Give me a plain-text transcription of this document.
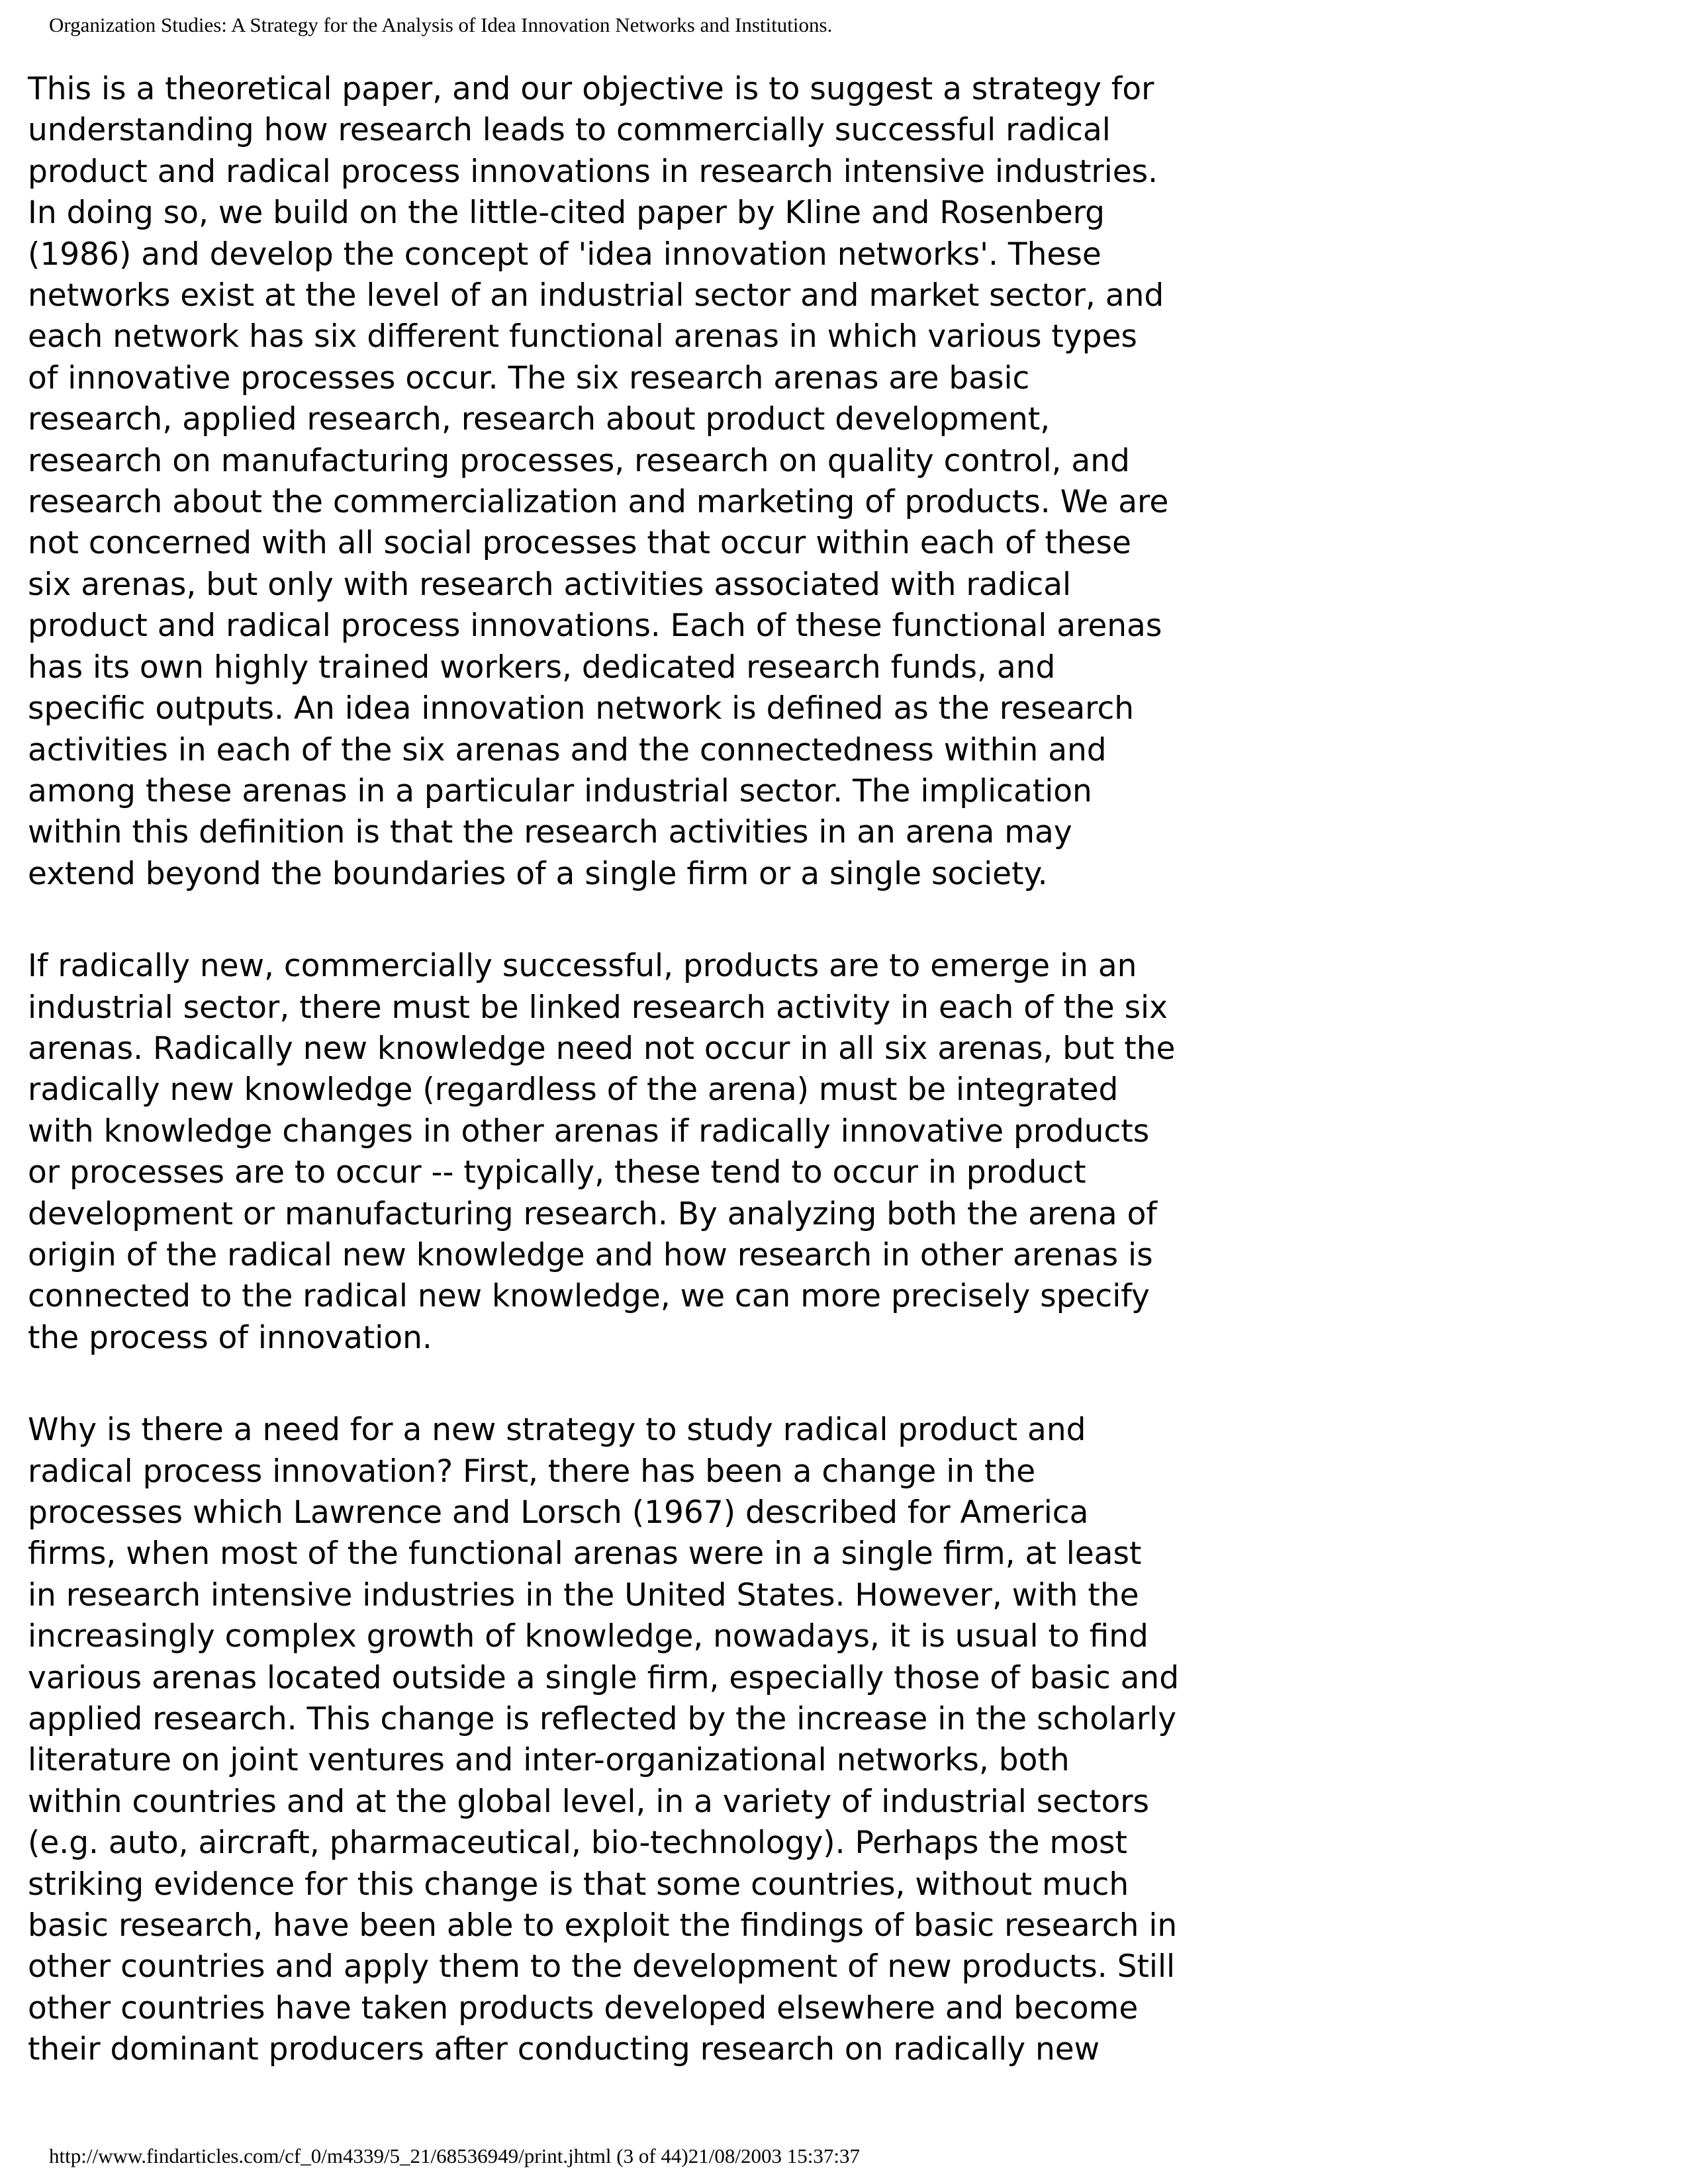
Organization Studies: A Strategy for the Analysis of Idea Innovation Networks and Institutions.

This is a theoretical paper, and our objective is to suggest a strategy for
understanding how research leads to commercially successful radical
product and radical process innovations in research intensive industries.
In doing so, we build on the little-cited paper by Kline and Rosenberg
(1986) and develop the concept of 'idea innovation networks'. These
networks exist at the level of an industrial sector and market sector, and
each network has six different functional arenas in which various types
of innovative processes occur. The six research arenas are basic
research, applied research, research about product development,
research on manufacturing processes, research on quality control, and
research about the commercialization and marketing of products. We are
not concerned with all social processes that occur within each of these
six arenas, but only with research activities associated with radical
product and radical process innovations. Each of these functional arenas
has its own highly trained workers, dedicated research funds, and
specific outputs. An idea innovation network is defined as the research
activities in each of the six arenas and the connectedness within and
among these arenas in a particular industrial sector. The implication
within this definition is that the research activities in an arena may
extend beyond the boundaries of a single firm or a single society.

If radically new, commercially successful, products are to emerge in an
industrial sector, there must be linked research activity in each of the six
arenas. Radically new knowledge need not occur in all six arenas, but the
radically new knowledge (regardless of the arena) must be integrated
with knowledge changes in other arenas if radically innovative products
or processes are to occur -- typically, these tend to occur in product
development or manufacturing research. By analyzing both the arena of
origin of the radical new knowledge and how research in other arenas is
connected to the radical new knowledge, we can more precisely specify
the process of innovation.

Why is there a need for a new strategy to study radical product and
radical process innovation? First, there has been a change in the
processes which Lawrence and Lorsch (1967) described for America
firms, when most of the functional arenas were in a single firm, at least
in research intensive industries in the United States. However, with the
increasingly complex growth of knowledge, nowadays, it is usual to find
various arenas located outside a single firm, especially those of basic and
applied research. This change is reflected by the increase in the scholarly
literature on joint ventures and inter-organizational networks, both
within countries and at the global level, in a variety of industrial sectors
(e.g. auto, aircraft, pharmaceutical, bio-technology). Perhaps the most
striking evidence for this change is that some countries, without much
basic research, have been able to exploit the findings of basic research in
other countries and apply them to the development of new products. Still
other countries have taken products developed elsewhere and become
their dominant producers after conducting research on radically new

http://www.findarticles.com/cf_0/m4339/5_21/68536949/print.jhtml (3 of 44)21/08/2003 15:37:37
